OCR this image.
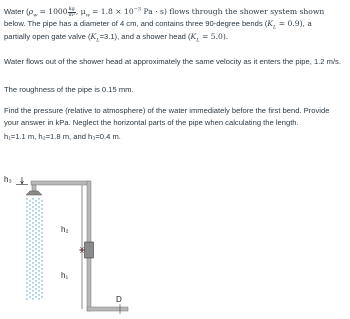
Water ($\rho_w = 1000 \frac{kg}{\text{m³}}$ , $\mu_w = 1.8 \times 10^{-3}$ Pa · s) flows through the shower system shown
below. The pipe has a diameter of 4 cm, and contains three 90-degree bends $(K_L = 0.9)$, a
partially open gate valve $(K_L=3.1)$, and a shower head $(K_L = 5.0)$.

Water flows out of the shower head at approximately the same velocity as it enters the pipe, 1.2 m/s.

The roughness of the pipe is 0.15 mm.

Find the pressure (relative to atmosphere) of the water immediately before the first bend. Provide your answer in kPa. Neglect the horizontal parts of the pipe when calculating the length.

h₁=1.1 m, h₂=1.8 m, and h₃=0.4 m.

h₃
h₂
h₁
D
